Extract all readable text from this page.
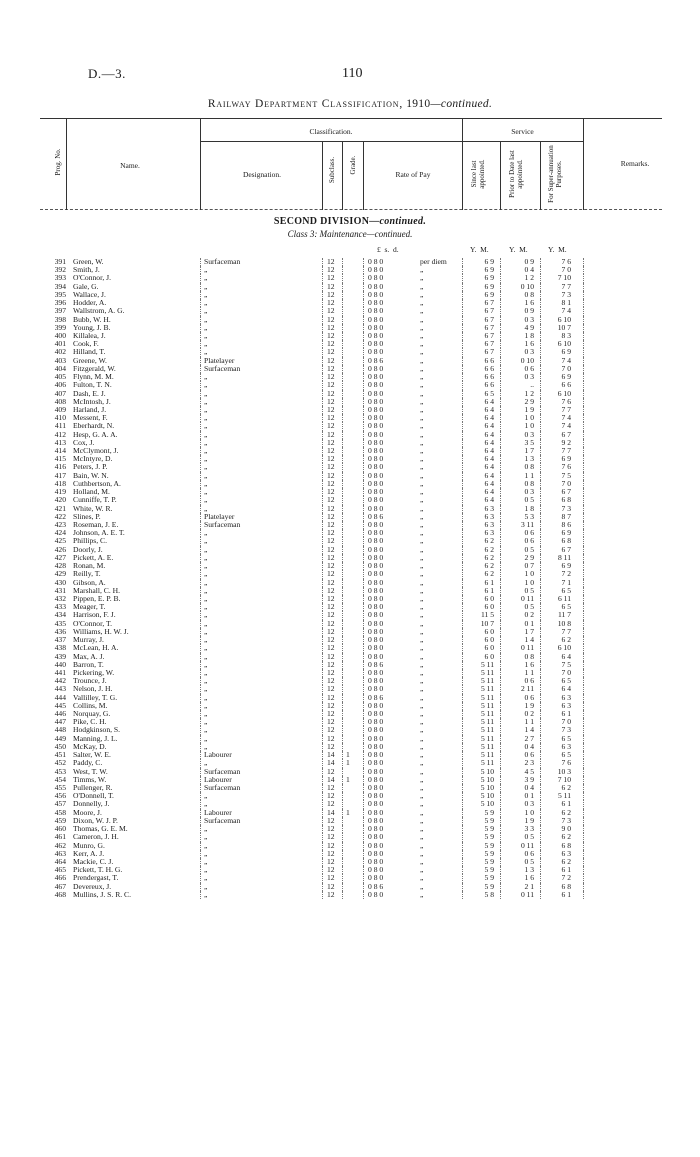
D.—3.	110
Railway Department Classification, 1910—continued.
Prog. No.	Name.
Classification.
Designation.	Subclass. Grade.
Rate of Pay
Service
Since last appointed.	Prior to Date last appointed.	For Super-annuation Purposes.	Remarks.
SECOND DIVISION—continued.
Class 3: Maintenance—continued.
£  s.  d.	Y.  M.	Y.  M.	Y.  M.
391 Green, W.	Surfaceman	12	0 8 0	per diem	6 9	0 9	7 6
392 Smith, J.	„	12	0 8 0	„	6 9	0 4	7 0
393 O'Connor, J.	„	12	0 8 0	„	6 9	1 2	7 10
394 Gale, G.	„	12	0 8 0	„	6 9	0 10	7 7
395 Wallace, J.	„	12	0 8 0	„	6 9	0 8	7 3
396 Hodder, A.	„	12	0 8 0	„	6 7	1 6	8 1
397 Wallstrom, A. G.	„	12	0 8 0	„	6 7	0 9	7 4
398 Bubb, W. H.	„	12	0 8 0	„	6 7	0 3	6 10
399 Young, J. B.	„	12	0 8 0	„	6 7	4 9	10 7
400 Killalea, J.	„	12	0 8 0	„	6 7	1 8	8 3
401 Cook, F.	„	12	0 8 0	„	6 7	1 6	6 10
402 Hilland, T.	„	12	0 8 0	„	6 7	0 3	6 9
403 Greene, W.	Platelayer	12	0 8 6	„	6 6	0 10	7 4
404 Fitzgerald, W.	Surfaceman	12	0 8 0	„	6 6	0 6	7 0
405 Flynn, M. M.	„	12	0 8 0	„	6 6	0 3	6 9
406 Fulton, T. N.	„	12	0 8 0	„	6 6	..	6 6
407 Dash, E. J.	„	12	0 8 0	„	6 5	1 2	6 10
408 McIntosh, J.	„	12	0 8 0	„	6 4	2 9	7 6
409 Harland, J.	„	12	0 8 0	„	6 4	1 9	7 7
410 Messent, F.	„	12	0 8 0	„	6 4	1 0	7 4
411 Eberhardt, N.	„	12	0 8 0	„	6 4	1 0	7 4
412 Hesp, G. A. A.	„	12	0 8 0	„	6 4	0 3	6 7
413 Cox, J.	„	12	0 8 0	„	6 4	3 5	9 2
414 McClymont, J.	„	12	0 8 0	„	6 4	1 7	7 7
415 McIntyre, D.	„	12	0 8 0	„	6 4	1 3	6 9
416 Peters, J. P.	„	12	0 8 0	„	6 4	0 8	7 6
417 Bain, W. N.	„	12	0 8 0	„	6 4	1 1	7 5
418 Cuthbertson, A.	„	12	0 8 0	„	6 4	0 8	7 0
419 Holland, M.	„	12	0 8 0	„	6 4	0 3	6 7
420 Cunniffe, T. P.	„	12	0 8 0	„	6 4	0 5	6 8
421 White, W. R.	„	12	0 8 0	„	6 3	1 8	7 3
422 Slines, P.	Platelayer	12	0 8 6	„	6 3	5 3	8 7
423 Roseman, J. E.	Surfaceman	12	0 8 0	„	6 3	3 11	8 6
424 Johnson, A. E. T.	„	12	0 8 0	„	6 3	0 6	6 9
425 Phillips, C.	„	12	0 8 0	„	6 2	0 6	6 8
426 Doorly, J.	„	12	0 8 0	„	6 2	0 5	6 7
427 Pickett, A. E.	„	12	0 8 0	„	6 2	2 9	8 11
428 Ronan, M.	„	12	0 8 0	„	6 2	0 7	6 9
429 Reilly, T.	„	12	0 8 0	„	6 2	1 0	7 2
430 Gibson, A.	„	12	0 8 0	„	6 1	1 0	7 1
431 Marshall, C. H.	„	12	0 8 0	„	6 1	0 5	6 5
432 Pippen, E. P. B.	„	12	0 8 0	„	6 0	0 11	6 11
433 Meager, T.	„	12	0 8 0	„	6 0	0 5	6 5
434 Harrison, F. J.	„	12	0 8 0	„	11 5	0 2	11 7
435 O'Connor, T.	„	12	0 8 0	„	10 7	0 1	10 8
436 Williams, H. W. J.	„	12	0 8 0	„	6 0	1 7	7 7
437 Murray, J.	„	12	0 8 0	„	6 0	1 4	6 2
438 McLean, H. A.	„	12	0 8 0	„	6 0	0 11	6 10
439 Max, A. J.	„	12	0 8 0	„	6 0	0 8	6 4
440 Barron, T.	„	12	0 8 6	„	5 11	1 6	7 5
441 Pickering, W.	„	12	0 8 0	„	5 11	1 1	7 0
442 Trounce, J.	„	12	0 8 0	„	5 11	0 6	6 5
443 Nelson, J. H.	„	12	0 8 0	„	5 11	2 11	6 4
444 Vallilley, T. G.	„	12	0 8 6	„	5 11	0 6	6 3
445 Collins, M.	„	12	0 8 0	„	5 11	1 9	6 3
446 Norquay, G.	„	12	0 8 0	„	5 11	0 2	6 1
447 Pike, C. H.	„	12	0 8 0	„	5 11	1 1	7 0
448 Hodgkinson, S.	„	12	0 8 0	„	5 11	1 4	7 3
449 Manning, J. L.	„	12	0 8 0	„	5 11	2 7	6 5
450 McKay, D.	„	12	0 8 0	„	5 11	0 4	6 3
451 Salter, W. E.	Labourer	14	1	0 8 0	„	5 11	0 6	6 5
452 Paddy, C.	„	14	1	0 8 0	„	5 11	2 3	7 6
453 West, T. W.	Surfaceman	12	0 8 0	„	5 10	4 5	10 3
454 Timms, W.	Labourer	14	1	0 8 0	„	5 10	3 9	7 10
455 Pullenger, R.	Surfaceman	12	0 8 0	„	5 10	0 4	6 2
456 O'Donnell, T.	„	12	0 8 0	„	5 10	0 1	5 11
457 Donnelly, J.	„	12	0 8 0	„	5 10	0 3	6 1
458 Moore, J.	Labourer	14	1	0 8 0	„	5 9	1 0	6 2
459 Dixon, W. J. P.	Surfaceman	12	0 8 0	„	5 9	1 9	7 3
460 Thomas, G. E. M.	„	12	0 8 0	„	5 9	3 3	9 0
461 Cameron, J. H.	„	12	0 8 0	„	5 9	0 5	6 2
462 Munro, G.	„	12	0 8 0	„	5 9	0 11	6 8
463 Kerr, A. J.	„	12	0 8 0	„	5 9	0 6	6 3
464 Mackie, C. J.	„	12	0 8 0	„	5 9	0 5	6 2
465 Pickett, T. H. G.	„	12	0 8 0	„	5 9	1 3	6 1
466 Prendergast, T.	„	12	0 8 0	„	5 9	1 6	7 2
467 Devereux, J.	„	12	0 8 6	„	5 9	2 1	6 8
468 Mullins, J. S. R. C.	„	12	0 8 0	„	5 8	0 11	6 1
